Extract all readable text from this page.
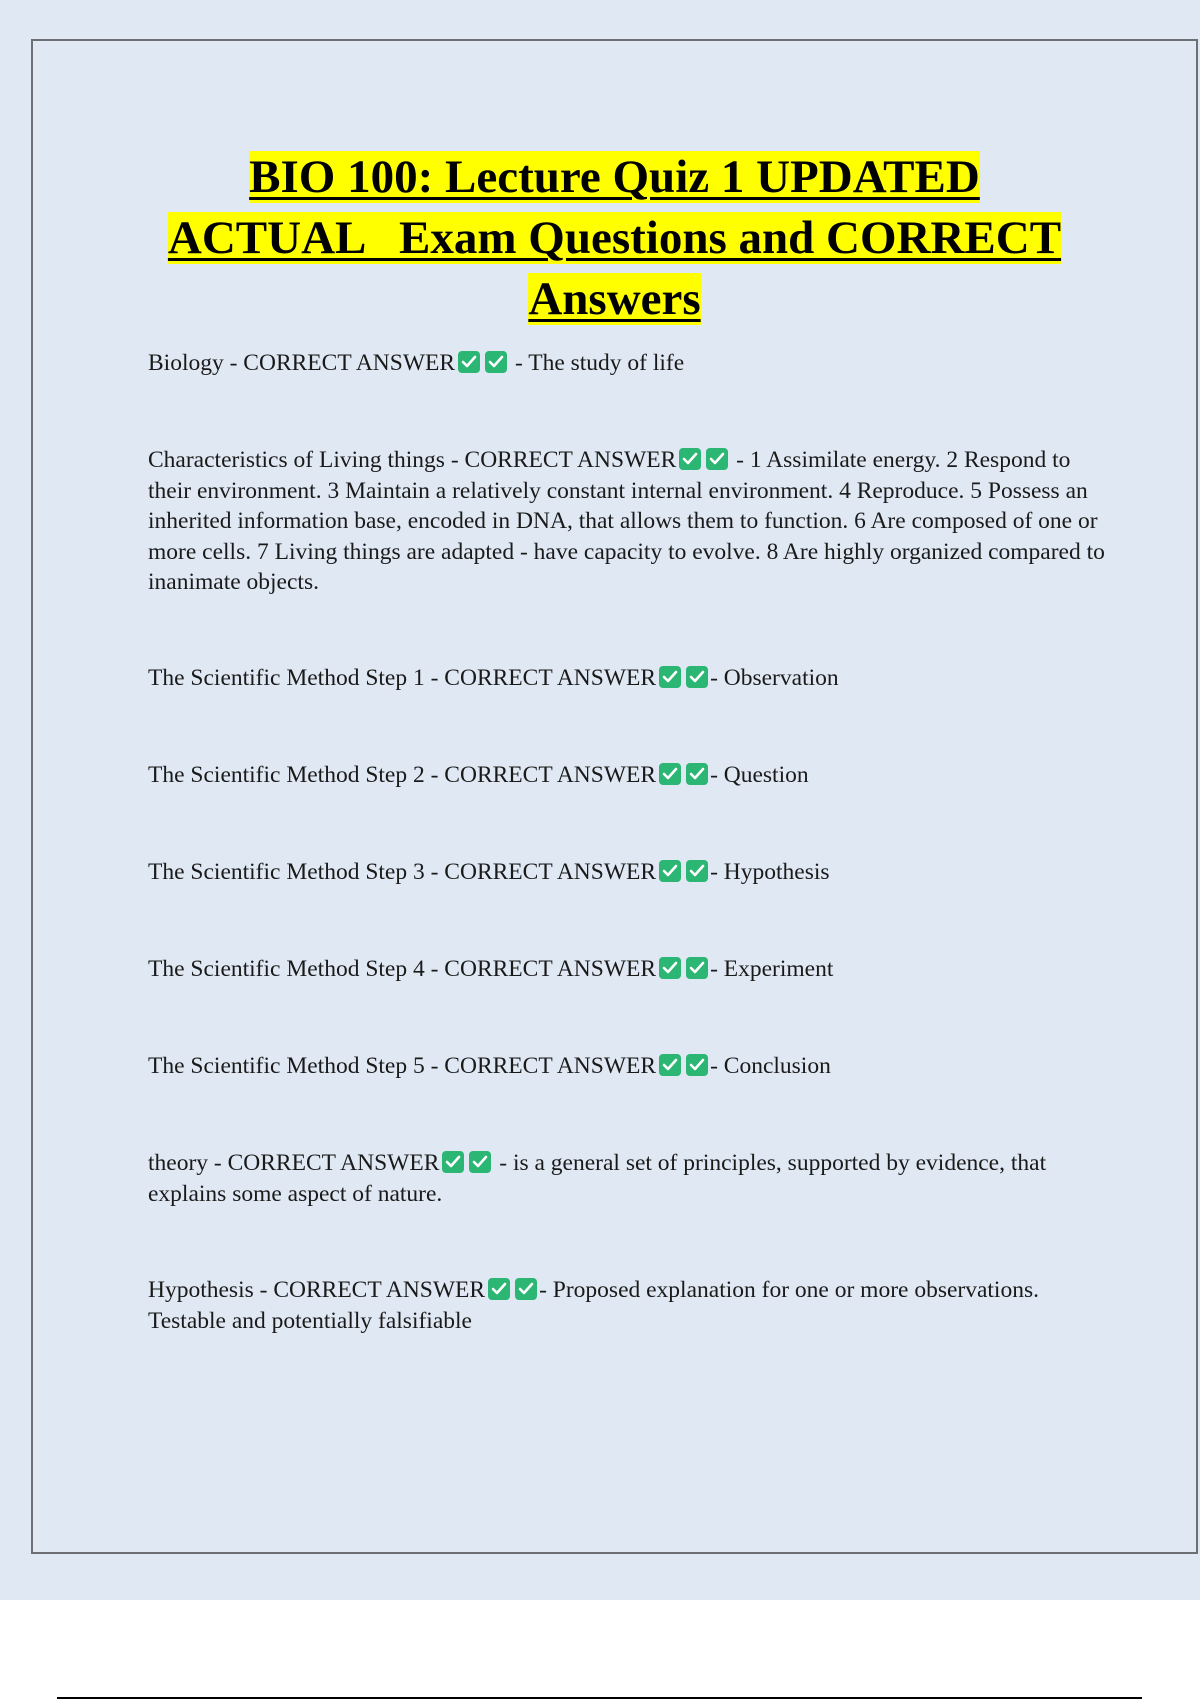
BIO 100: Lecture Quiz 1 UPDATED
ACTUAL   Exam Questions and CORRECT
Answers
Biology - CORRECT ANSWER	- The study of life
Characteristics of Living things - CORRECT ANSWER	- 1 Assimilate energy. 2 Respond to their environment. 3 Maintain a relatively constant internal environment. 4 Reproduce. 5 Possess an inherited information base, encoded in DNA, that allows them to function. 6 Are composed of one or more cells. 7 Living things are adapted - have capacity to evolve. 8 Are highly organized compared to inanimate objects.
The Scientific Method Step 1 - CORRECT ANSWER - Observation
The Scientific Method Step 2 - CORRECT ANSWER - Question
The Scientific Method Step 3 - CORRECT ANSWER - Hypothesis
The Scientific Method Step 4 - CORRECT ANSWER - Experiment
The Scientific Method Step 5 - CORRECT ANSWER - Conclusion
theory - CORRECT ANSWER	- is a general set of principles, supported by evidence, that explains some aspect of nature.
Hypothesis - CORRECT ANSWER - Proposed explanation for one or more observations. Testable and potentially falsifiable
